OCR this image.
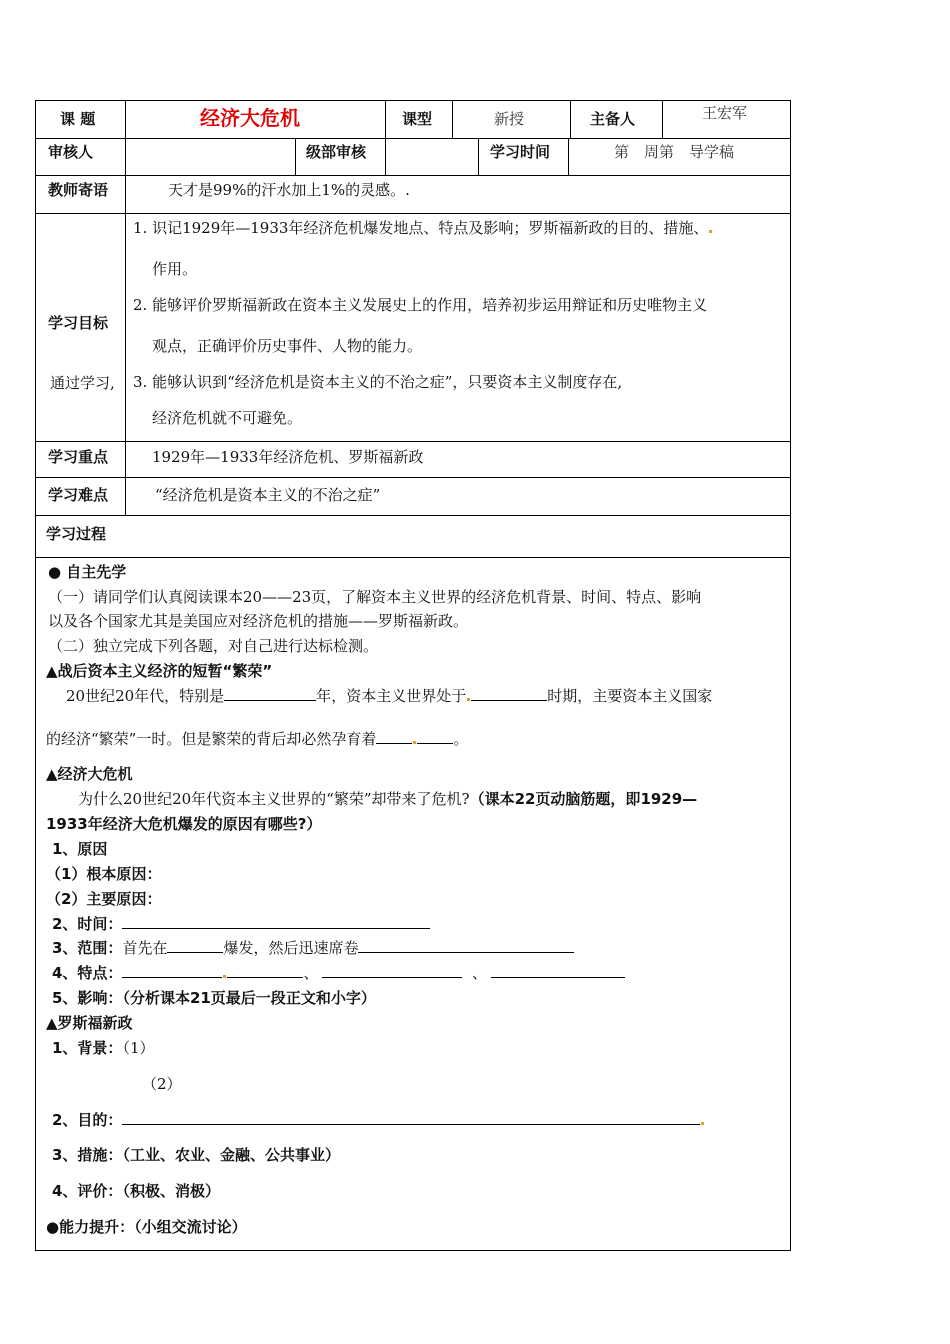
课 题	经济大危机	课型	新授	主备人	王宏军
审核人	级部审核	学习时间	第　周第　导学稿
教师寄语	天才是99%的汗水加上1%的灵感。.
学习目标
通过学习,
1. 识记1929年—1933年经济危机爆发地点、特点及影响；罗斯福新政的目的、措施、
作用。
2. 能够评价罗斯福新政在资本主义发展史上的作用，培养初步运用辩证和历史唯物主义
观点，正确评价历史事件、人物的能力。
3. 能够认识到“经济危机是资本主义的不治之症”，只要资本主义制度存在,
经济危机就不可避免。
学习重点	1929年—1933年经济危机、罗斯福新政
学习难点	“经济危机是资本主义的不治之症”
学习过程
● 自主先学
（一）请同学们认真阅读课本20——23页，了解资本主义世界的经济危机背景、时间、特点、影响
以及各个国家尤其是美国应对经济危机的措施——罗斯福新政。
（二）独立完成下列各题，对自己进行达标检测。
▲战后资本主义经济的短暂“繁荣”
20世纪20年代，特别是	年，资本主义世界处于	时期，主要资本主义国家
的经济“繁荣”一时。但是繁荣的背后却必然孕育着	。
▲经济大危机
为什么20世纪20年代资本主义世界的“繁荣”却带来了危机?（课本22页动脑筋题，即1929—
1933年经济大危机爆发的原因有哪些?）
1、原因
（1）根本原因：
（2）主要原因：
2、时间：
3、范围：首先在	爆发，然后迅速席卷
4、特点：	、	、
5、影响：（分析课本21页最后一段正文和小字）
▲罗斯福新政
1、背景：（1）
（2）
2、目的：
3、措施：（工业、农业、金融、公共事业）
4、评价：（积极、消极）
●能力提升：（小组交流讨论）
